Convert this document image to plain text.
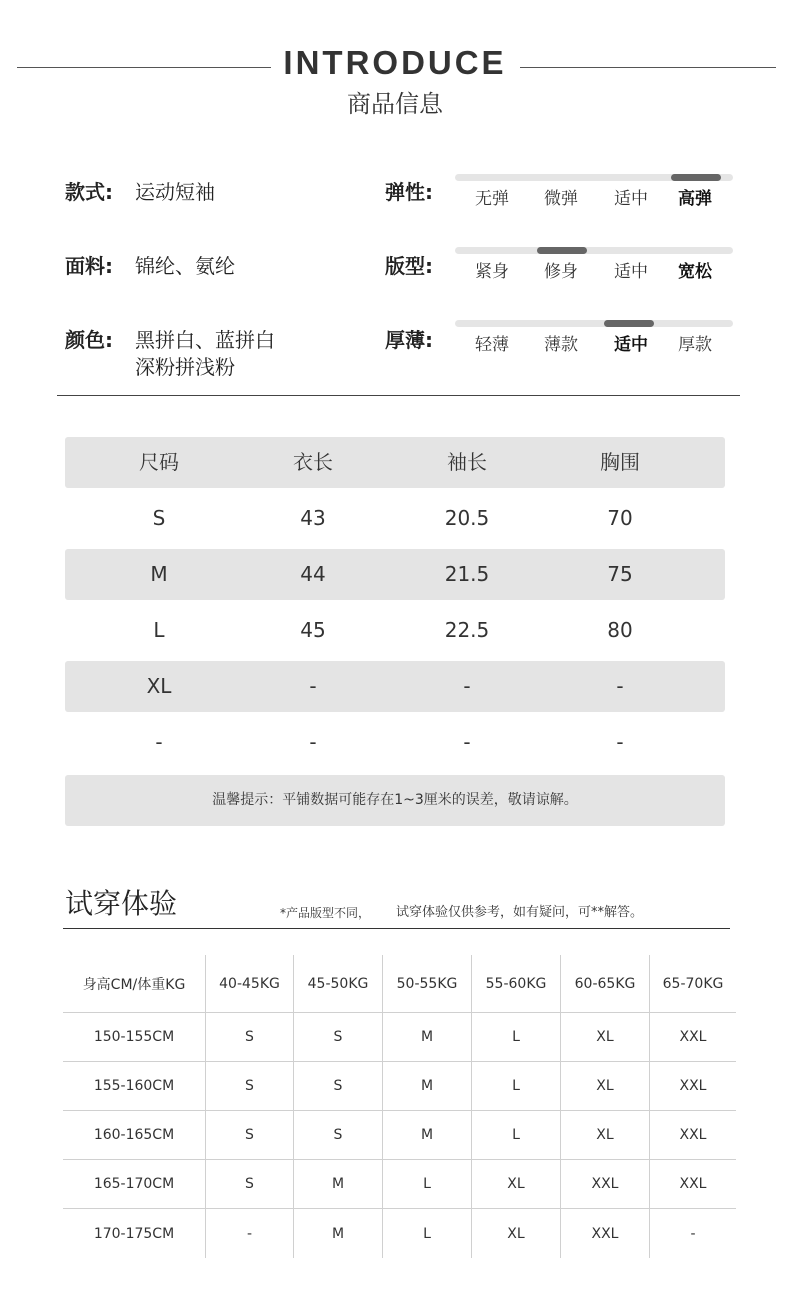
INTRODUCE
商品信息
款式: 运动短袖
面料: 锦纶、氨纶
颜色: 黑拼白、蓝拼白
深粉拼浅粉
弹性:	无弹	微弹	适中	高弹
版型:	紧身	修身	适中	宽松
厚薄:	轻薄	薄款	适中	厚款
尺码	衣长	袖长	胸围
S	43	20.5	70
M	44	21.5	75
L	45	22.5	80
XL	-	-	-
-	-	-	-
温馨提示：平铺数据可能存在1~3厘米的误差，敬请谅解。
试穿体验	*产品版型不同， 试穿体验仅供参考，如有疑问，可**解答。
身高CM/体重KG	40-45KG	45-50KG	50-55KG	55-60KG	60-65KG	65-70KG
150-155CM	S	S	M	L	XL	XXL
155-160CM	S	S	M	L	XL	XXL
160-165CM	S	S	M	L	XL	XXL
165-170CM	S	M	L	XL	XXL	XXL
170-175CM	-	M	L	XL	XXL	-
